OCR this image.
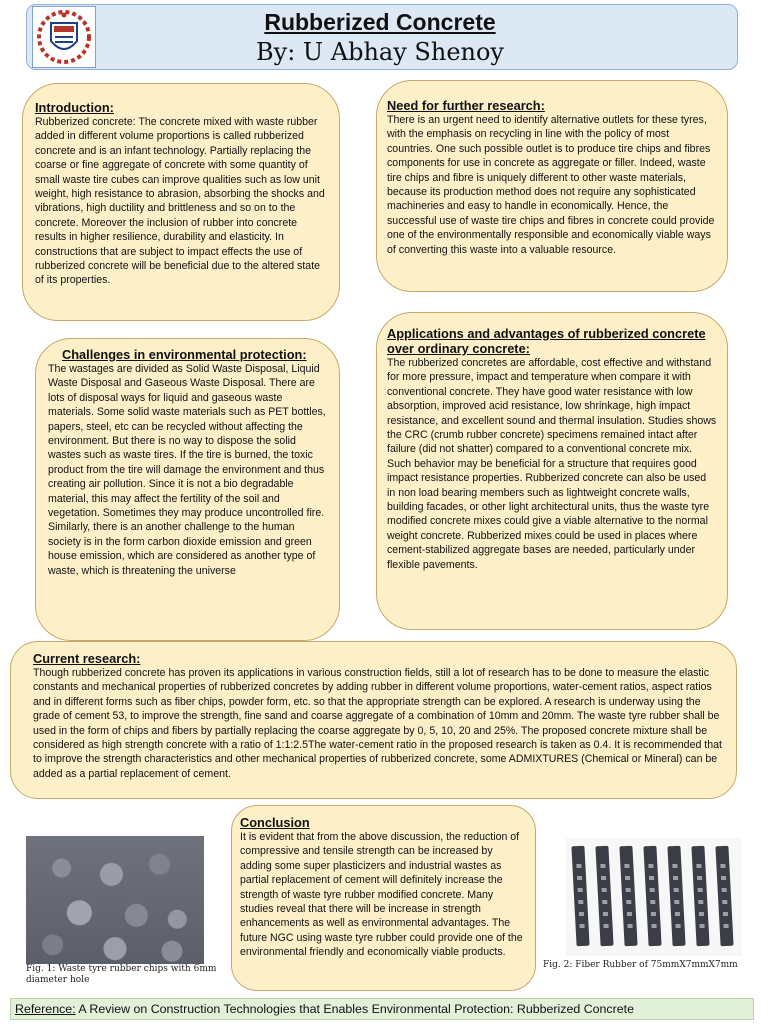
Rubberized Concrete
By: U Abhay Shenoy
Introduction:

Rubberized concrete: The concrete mixed with waste rubber added in different volume proportions is called rubberized concrete and is an infant technology. Partially replacing the coarse or fine aggregate of concrete with some quantity of small waste tire cubes can improve qualities such as low unit weight, high resistance to abrasion, absorbing the shocks and vibrations, high ductility and brittleness and so on to the concrete. Moreover the inclusion of rubber into concrete results in higher resilience, durability and elasticity. In constructions that are subject to impact effects the use of rubberized concrete will be beneficial due to the altered state of its properties.

Need for further research:

There is an urgent need to identify alternative outlets for these tyres, with the emphasis on recycling in line with the policy of most countries. One such possible outlet is to produce tire chips and fibres components for use in concrete as aggregate or filler. Indeed, waste tire chips and fibre is uniquely different to other waste materials, because its production method does not require any sophisticated machineries and easy to handle in economically. Hence, the successful use of waste tire chips and fibres in concrete could provide one of the environmentally responsible and economically viable ways of converting this waste into a valuable resource.

Challenges in environmental protection:

The wastages are divided as Solid Waste Disposal, Liquid Waste Disposal and Gaseous Waste Disposal. There are lots of disposal ways for liquid and gaseous waste materials. Some solid waste materials such as PET bottles, papers, steel, etc can be recycled without affecting the environment. But there is no way to dispose the solid wastes such as waste tires. If the tire is burned, the toxic product from the tire will damage the environment and thus creating air pollution. Since it is not a bio degradable material, this may affect the fertility of the soil and vegetation. Sometimes they may produce uncontrolled fire. Similarly, there is an another challenge to the human society is in the form carbon dioxide emission and green house emission, which are considered as another type of waste, which is threatening the universe

Applications and advantages of rubberized concrete over ordinary concrete:

The rubberized concretes are affordable, cost effective and withstand for more pressure, impact and temperature when compare it with conventional concrete. They have good water resistance with low absorption, improved acid resistance, low shrinkage, high impact resistance, and excellent sound and thermal insulation. Studies shows the CRC (crumb rubber concrete) specimens remained intact after failure (did not shatter) compared to a conventional concrete mix. Such behavior may be beneficial for a structure that requires good impact resistance properties. Rubberized concrete can also be used in non load bearing members such as lightweight concrete walls, building facades, or other light architectural units, thus the waste tyre modified concrete mixes could give a viable alternative to the normal weight concrete. Rubberized mixes could be used in places where cement-stabilized aggregate bases are needed, particularly under flexible pavements.

Current research:

Though rubberized concrete has proven its applications in various construction fields, still a lot of research has to be done to measure the elastic constants and mechanical properties of rubberized concretes by adding rubber in different volume proportions, water-cement ratios, aspect ratios and in different forms such as fiber chips, powder form, etc. so that the appropriate strength can be explored. A research is underway using the grade of cement 53, to improve the strength, fine sand and coarse aggregate of a combination of 10mm and 20mm. The waste tyre rubber shall be used in the form of chips and fibers by partially replacing the coarse aggregate by 0, 5, 10, 20 and 25%. The proposed concrete mixture shall be considered as high strength concrete with a ratio of 1:1:2.5The water-cement ratio in the proposed research is taken as 0.4. It is recommended that to improve the strength characteristics and other mechanical properties of rubberized concrete, some ADMIXTURES (Chemical or Mineral) can be added as a partial replacement of cement.

Fig. 1: Waste tyre rubber chips with 6mm diameter hole
Fig. 2: Fiber Rubber of 75mmX7mmX7mm
Conclusion

It is evident that from the above discussion, the reduction of compressive and tensile strength can be increased by adding some super plasticizers and industrial wastes as partial replacement of cement will definitely increase the strength of waste tyre rubber modified concrete. Many studies reveal that there will be increase in strength enhancements as well as environmental advantages. The future NGC using waste tyre rubber could provide one of the environmental friendly and economically viable products.

Reference: A Review on Construction Technologies that Enables Environmental Protection: Rubberized Concrete
